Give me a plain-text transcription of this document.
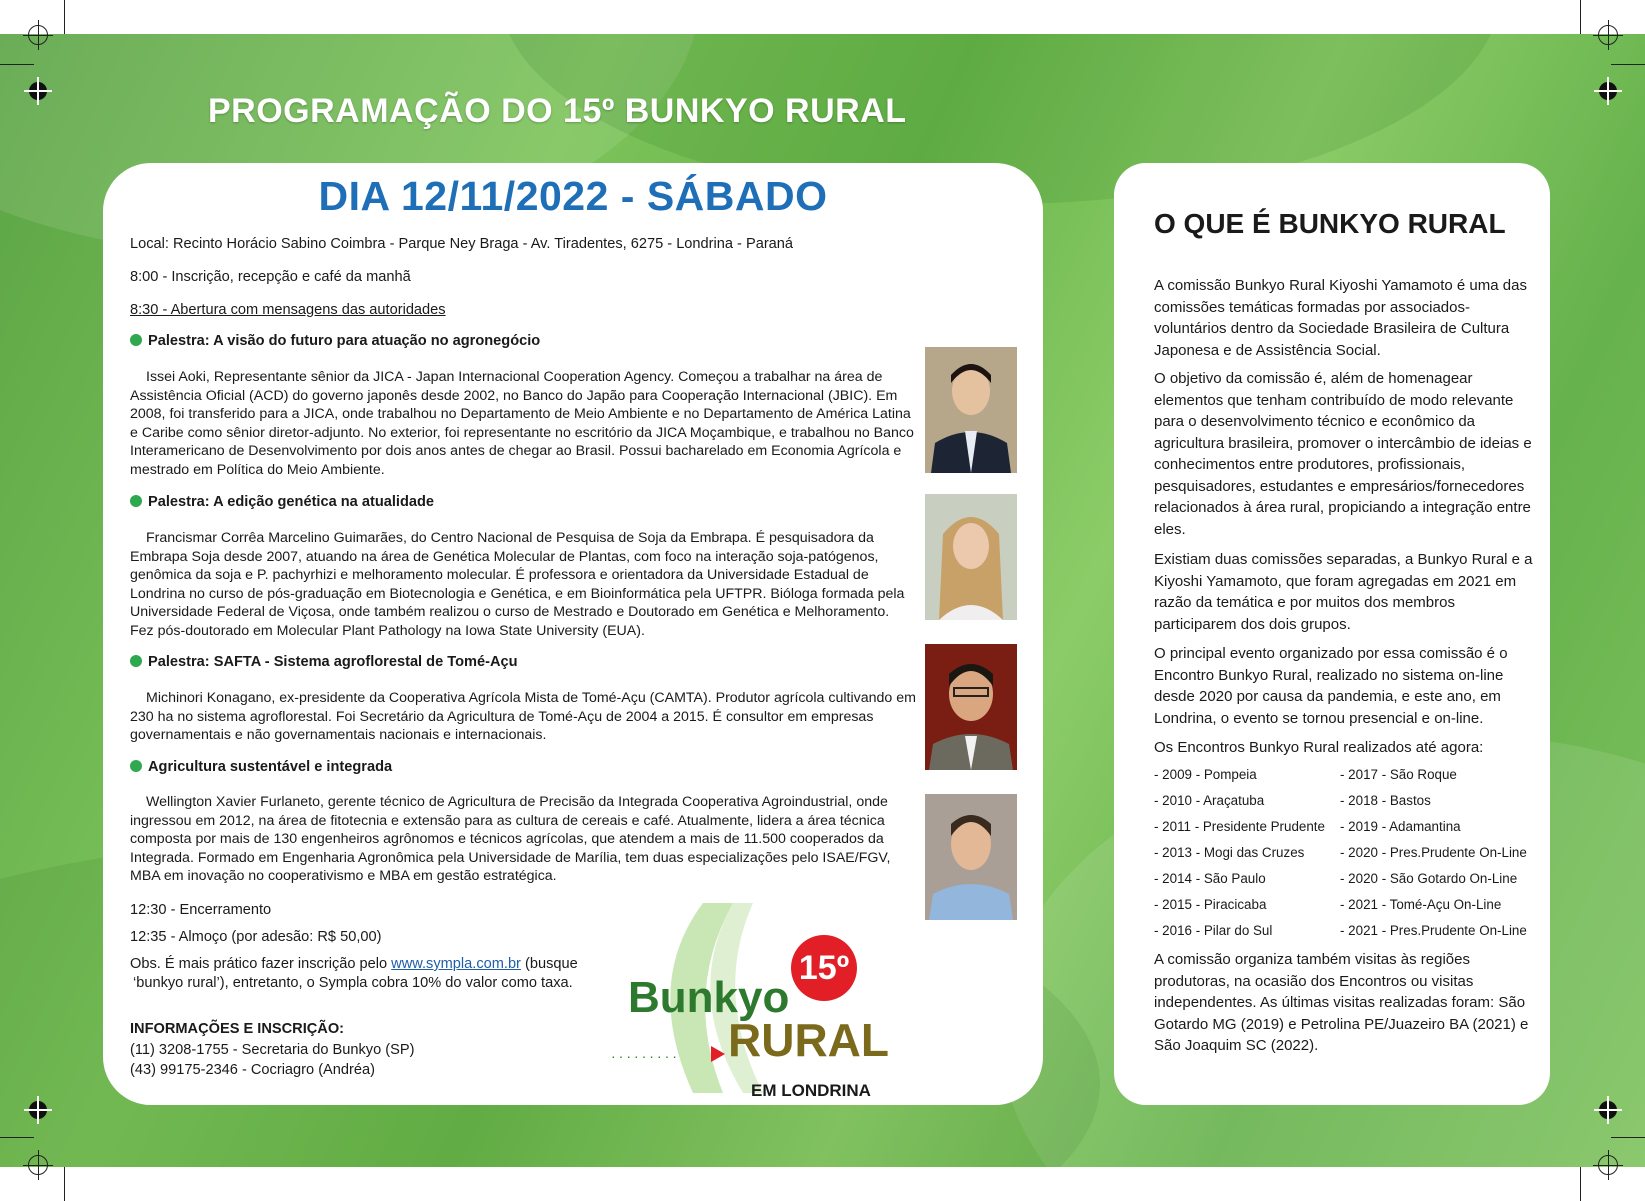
PROGRAMAÇÃO DO 15º BUNKYO RURAL
DIA 12/11/2022 - SÁBADO
Local: Recinto Horácio Sabino Coimbra - Parque Ney Braga - Av. Tiradentes, 6275 - Londrina - Paraná
8:00 - Inscrição, recepção e café da manhã
8:30 - Abertura com mensagens das autoridades
Palestra: A visão do futuro para atuação no agronegócio
Issei Aoki, Representante sênior da JICA - Japan Internacional Cooperation Agency. Começou a trabalhar na área de Assistência Oficial (ACD) do governo japonês desde 2002, no Banco do Japão para Cooperação Internacional (JBIC). Em 2008, foi transferido para a JICA, onde trabalhou no Departamento de Meio Ambiente e no Departamento de América Latina e Caribe como sênior diretor-adjunto. No exterior, foi representante no escritório da JICA Moçambique, e trabalhou no Banco Interamericano de Desenvolvimento por dois anos antes de chegar ao Brasil. Possui bacharelado em Economia Agrícola e mestrado em Política do Meio Ambiente.
Palestra: A edição genética na atualidade
Francismar Corrêa Marcelino Guimarães, do Centro Nacional de Pesquisa de Soja da Embrapa. É pesquisadora da Embrapa Soja desde 2007, atuando na área de Genética Molecular de Plantas, com foco na interação soja-patógenos, genômica da soja e P. pachyrhizi e melhoramento molecular. É professora e orientadora da Universidade Estadual de Londrina no curso de pós-graduação em Biotecnologia e Genética, e em Bioinformática pela UFTPR. Bióloga formada pela Universidade Federal de Viçosa, onde também realizou o curso de Mestrado e Doutorado em Genética e Melhoramento. Fez pós-doutorado em Molecular Plant Pathology na Iowa State University (EUA).
Palestra: SAFTA - Sistema agroflorestal de Tomé-Açu
Michinori Konagano, ex-presidente da Cooperativa Agrícola Mista de Tomé-Açu (CAMTA). Produtor agrícola cultivando em 230 ha no sistema agroflorestal. Foi Secretário da Agricultura de Tomé-Açu de 2004 a 2015. É consultor em empresas governamentais e não governamentais nacionais e internacionais.
Agricultura sustentável e integrada
Wellington Xavier Furlaneto, gerente técnico de Agricultura de Precisão da Integrada Cooperativa Agroindustrial, onde ingressou em 2012, na área de fitotecnia e extensão para as cultura de cereais e café. Atualmente, lidera a área técnica composta por mais de 130 engenheiros agrônomos e técnicos agrícolas, que atendem a mais de 11.500 cooperados da Integrada. Formado em Engenharia Agronômica pela Universidade de Marília, tem duas especializações pelo ISAE/FGV, MBA em inovação no cooperativismo e MBA em gestão estratégica.
12:30 - Encerramento
12:35 - Almoço (por adesão: R$ 50,00)
Obs. É mais prático fazer inscrição pelo www.sympla.com.br (busque
‘bunkyo rural’), entretanto, o Sympla cobra 10% do valor como taxa.
INFORMAÇÕES E INSCRIÇÃO:
(11) 3208-1755 - Secretaria do Bunkyo (SP)
(43) 99175-2346 - Cocriagro (Andréa)
15º
Bunkyo
········· RURAL
EM LONDRINA
O QUE É BUNKYO RURAL
A comissão Bunkyo Rural Kiyoshi Yamamoto é uma das comissões temáticas formadas por associados-voluntários dentro da Sociedade Brasileira de Cultura Japonesa e de Assistência Social.
O objetivo da comissão é, além de homenagear elementos que tenham contribuído de modo relevante para o desenvolvimento técnico e econômico da agricultura brasileira, promover o intercâmbio de ideias e conhecimentos entre produtores, profissionais, pesquisadores, estudantes e empresários/fornecedores relacionados à área rural, propiciando a integração entre eles.
Existiam duas comissões separadas, a Bunkyo Rural e a Kiyoshi Yamamoto, que foram agregadas em 2021 em razão da temática e por muitos dos membros participarem dos dois grupos.
O principal evento organizado por essa comissão é o Encontro Bunkyo Rural, realizado no sistema on-line desde 2020 por causa da pandemia, e este ano, em Londrina, o evento se tornou presencial e on-line.
Os Encontros Bunkyo Rural realizados até agora:
- 2009 - Pompeia
- 2010 - Araçatuba
- 2011 - Presidente Prudente
- 2013 - Mogi das Cruzes
- 2014 - São Paulo
- 2015 - Piracicaba
- 2016 - Pilar do Sul
- 2017 - São Roque
- 2018 - Bastos
- 2019 - Adamantina
- 2020 - Pres.Prudente On-Line
- 2020 - São Gotardo On-Line
- 2021 - Tomé-Açu On-Line
- 2021 - Pres.Prudente On-Line
A comissão organiza também visitas às regiões produtoras, na ocasião dos Encontros ou visitas independentes. As últimas visitas realizadas foram: São Gotardo MG (2019) e Petrolina PE/Juazeiro BA (2021) e São Joaquim SC (2022).
